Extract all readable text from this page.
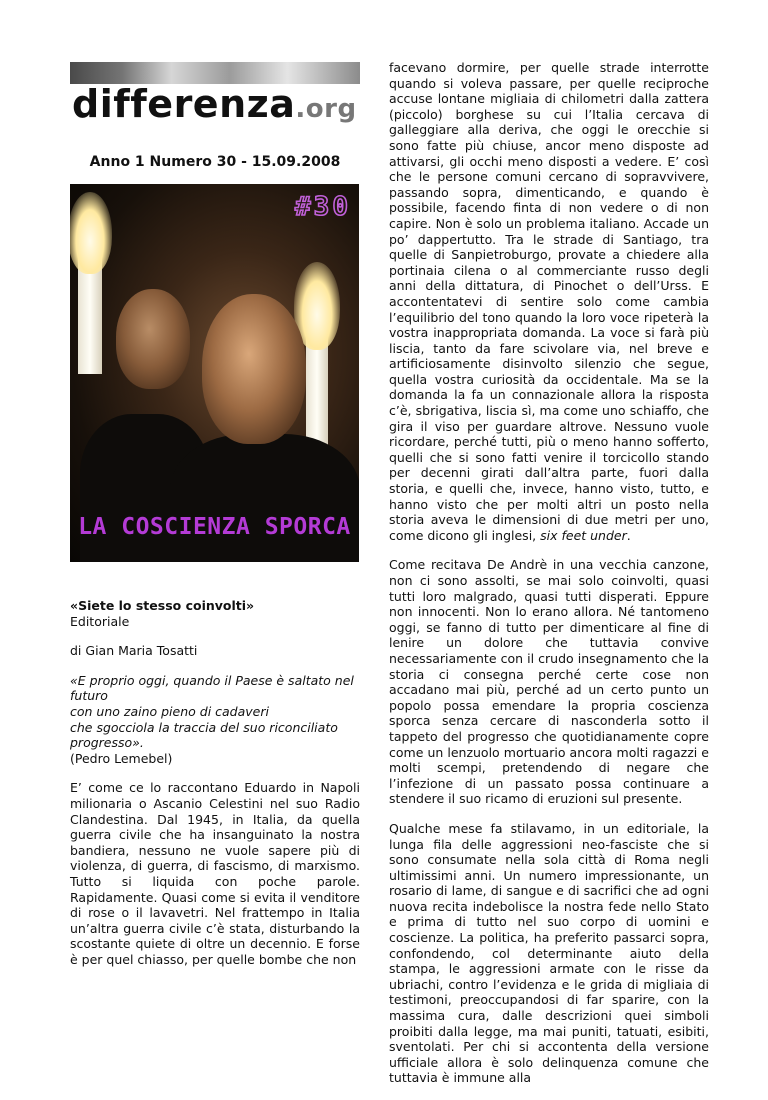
differenza.org
Anno 1 Numero 30 - 15.09.2008
#30
LA COSCIENZA SPORCA
«Siete lo stesso coinvolti»
Editoriale
di Gian Maria Tosatti
«E proprio oggi, quando il Paese è saltato nel futuro
con uno zaino pieno di cadaveri
che sgocciola la traccia del suo riconciliato progresso».
(Pedro Lemebel)
E’ come ce lo raccontano Eduardo in Napoli milionaria o Ascanio Celestini nel suo Radio Clandestina. Dal 1945, in Italia, da quella guerra civile che ha insanguinato la nostra bandiera, nessuno ne vuole sapere più di violenza, di guerra, di fascismo, di marxismo. Tutto si liquida con poche parole. Rapidamente. Quasi come si evita il venditore di rose o il lavavetri. Nel frattempo in Italia un’altra guerra civile c’è stata, disturbando la scostante quiete di oltre un decennio. E forse è per quel chiasso, per quelle bombe che non

facevano dormire, per quelle strade interrotte quando si voleva passare, per quelle reciproche accuse lontane migliaia di chilometri dalla zattera (piccolo) borghese su cui l’Italia cercava di galleggiare alla deriva, che oggi le orecchie si sono fatte più chiuse, ancor meno disposte ad attivarsi, gli occhi meno disposti a vedere. E’ così che le persone comuni cercano di sopravvivere, passando sopra, dimenticando, e quando è possibile, facendo finta di non vedere o di non capire. Non è solo un problema italiano. Accade un po’ dappertutto. Tra le strade di Santiago, tra quelle di Sanpietroburgo, provate a chiedere alla portinaia cilena o al commerciante russo degli anni della dittatura, di Pinochet o dell’Urss. E accontentatevi di sentire solo come cambia l’equilibrio del tono quando la loro voce ripeterà la vostra inappropriata domanda. La voce si farà più liscia, tanto da fare scivolare via, nel breve e artificiosamente disinvolto silenzio che segue, quella vostra curiosità da occidentale. Ma se la domanda la fa un connazionale allora la risposta c’è, sbrigativa, liscia sì, ma come uno schiaffo, che gira il viso per guardare altrove. Nessuno vuole ricordare, perché tutti, più o meno hanno sofferto, quelli che si sono fatti venire il torcicollo stando per decenni girati dall’altra parte, fuori dalla storia, e quelli che, invece, hanno visto, tutto, e hanno visto che per molti altri un posto nella storia aveva le dimensioni di due metri per uno, come dicono gli inglesi, six feet under.

Come recitava De Andrè in una vecchia canzone, non ci sono assolti, se mai solo coinvolti, quasi tutti loro malgrado, quasi tutti disperati. Eppure non innocenti. Non lo erano allora. Né tantomeno oggi, se fanno di tutto per dimenticare al fine di lenire un dolore che tuttavia convive necessariamente con il crudo insegnamento che la storia ci consegna perché certe cose non accadano mai più, perché ad un certo punto un popolo possa emendare la propria coscienza sporca senza cercare di nasconderla sotto il tappeto del progresso che quotidianamente copre come un lenzuolo mortuario ancora molti ragazzi e molti scempi, pretendendo di negare che l’infezione di un passato possa continuare a stendere il suo ricamo di eruzioni sul presente.

Qualche mese fa stilavamo, in un editoriale, la lunga fila delle aggressioni neo-fasciste che si sono consumate nella sola città di Roma negli ultimissimi anni. Un numero impressionante, un rosario di lame, di sangue e di sacrifici che ad ogni nuova recita indebolisce la nostra fede nello Stato e prima di tutto nel suo corpo di uomini e coscienze. La politica, ha preferito passarci sopra, confondendo, col determinante aiuto della stampa, le aggressioni armate con le risse da ubriachi, contro l’evidenza e le grida di migliaia di testimoni, preoccupandosi di far sparire, con la massima cura, dalle descrizioni quei simboli proibiti dalla legge, ma mai puniti, tatuati, esibiti, sventolati. Per chi si accontenta della versione ufficiale allora è solo delinquenza comune che tuttavia è immune alla
